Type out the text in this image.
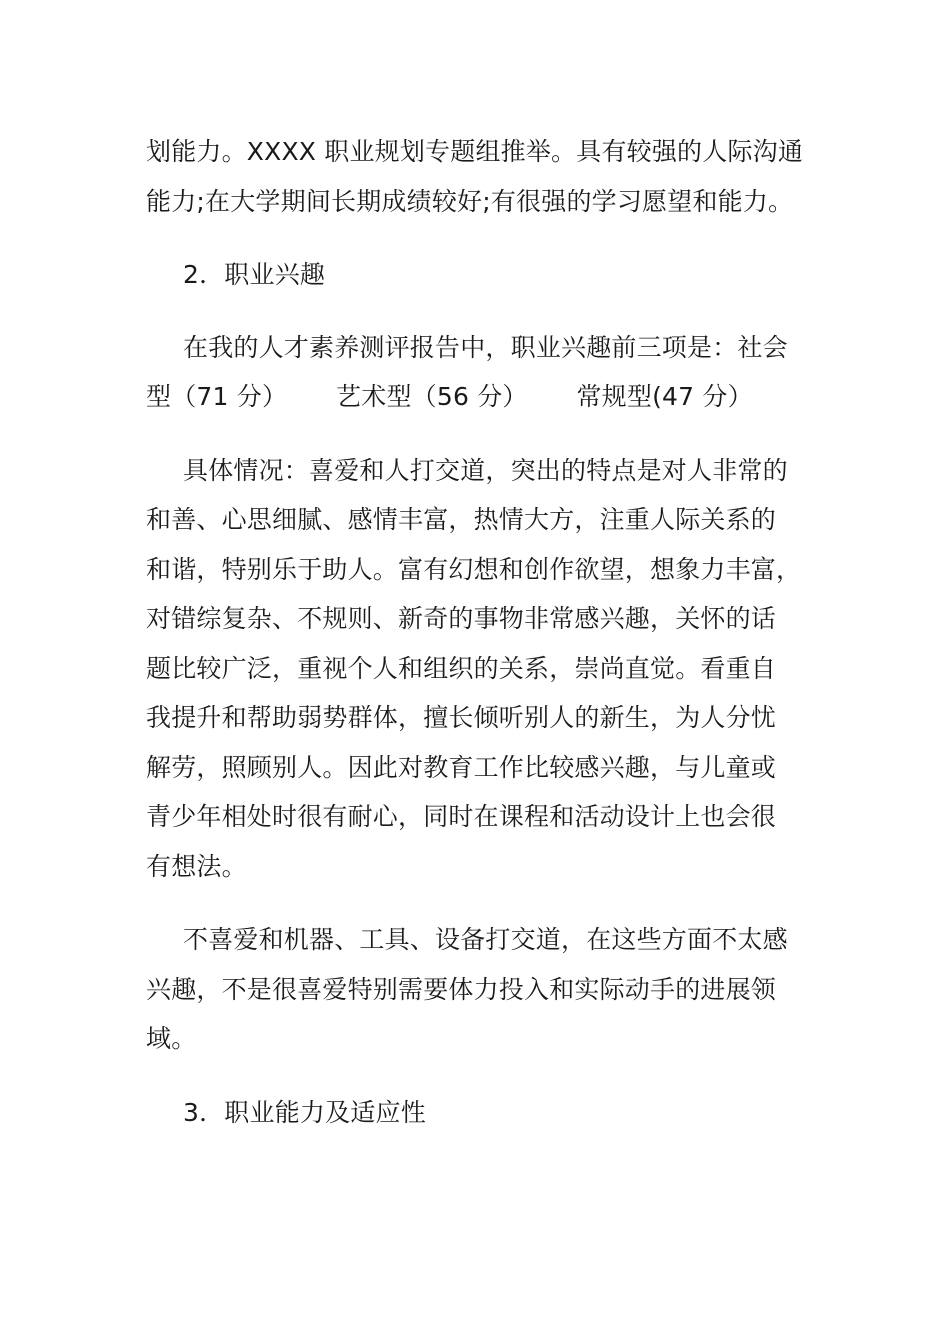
划能力。XXXX 职业规划专题组推举。具有较强的人际沟通
能力;在大学期间长期成绩较好;有很强的学习愿望和能力。

2．职业兴趣

在我的人才素养测评报告中，职业兴趣前三项是：社会
型（71 分）      艺术型（56 分）      常规型(47 分）

具体情况：喜爱和人打交道，突出的特点是对人非常的
和善、心思细腻、感情丰富，热情大方，注重人际关系的
和谐，特别乐于助人。富有幻想和创作欲望，想象力丰富，
对错综复杂、不规则、新奇的事物非常感兴趣，关怀的话
题比较广泛，重视个人和组织的关系，崇尚直觉。看重自
我提升和帮助弱势群体，擅长倾听别人的新生，为人分忧
解劳，照顾别人。因此对教育工作比较感兴趣，与儿童或
青少年相处时很有耐心，同时在课程和活动设计上也会很
有想法。

不喜爱和机器、工具、设备打交道，在这些方面不太感
兴趣，不是很喜爱特别需要体力投入和实际动手的进展领
域。

3．职业能力及适应性
